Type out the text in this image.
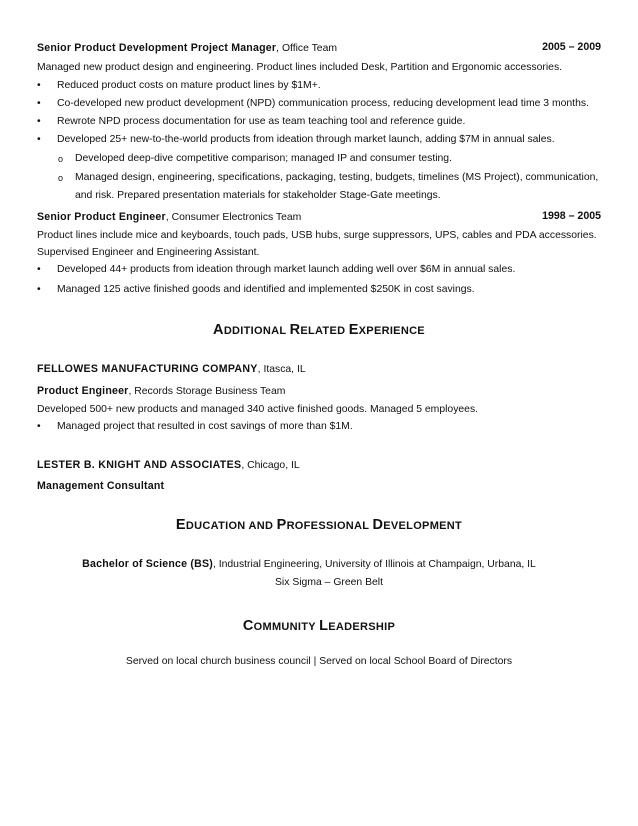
Senior Product Development Project Manager, Office Team	2005 – 2009
Managed new product design and engineering. Product lines included Desk, Partition and Ergonomic accessories.
• Reduced product costs on mature product lines by $1M+.
• Co-developed new product development (NPD) communication process, reducing development lead time 3 months.
• Rewrote NPD process documentation for use as team teaching tool and reference guide.
• Developed 25+ new-to-the-world products from ideation through market launch, adding $7M in annual sales.
o Developed deep-dive competitive comparison; managed IP and consumer testing.
o Managed design, engineering, specifications, packaging, testing, budgets, timelines (MS Project), communication,
and risk. Prepared presentation materials for stakeholder Stage-Gate meetings.
Senior Product Engineer, Consumer Electronics Team	1998 – 2005
Product lines include mice and keyboards, touch pads, USB hubs, surge suppressors, UPS, cables and PDA accessories.
Supervised Engineer and Engineering Assistant.
• Developed 44+ products from ideation through market launch adding well over $6M in annual sales.
• Managed 125 active finished goods and identified and implemented $250K in cost savings.
ADDITIONAL RELATED EXPERIENCE
FELLOWES MANUFACTURING COMPANY, Itasca, IL
Product Engineer, Records Storage Business Team
Developed 500+ new products and managed 340 active finished goods. Managed 5 employees.
• Managed project that resulted in cost savings of more than $1M.
LESTER B. KNIGHT AND ASSOCIATES, Chicago, IL
Management Consultant
EDUCATION AND PROFESSIONAL DEVELOPMENT
Bachelor of Science (BS), Industrial Engineering, University of Illinois at Champaign, Urbana, IL
Six Sigma – Green Belt
COMMUNITY LEADERSHIP
Served on local church business council | Served on local School Board of Directors
